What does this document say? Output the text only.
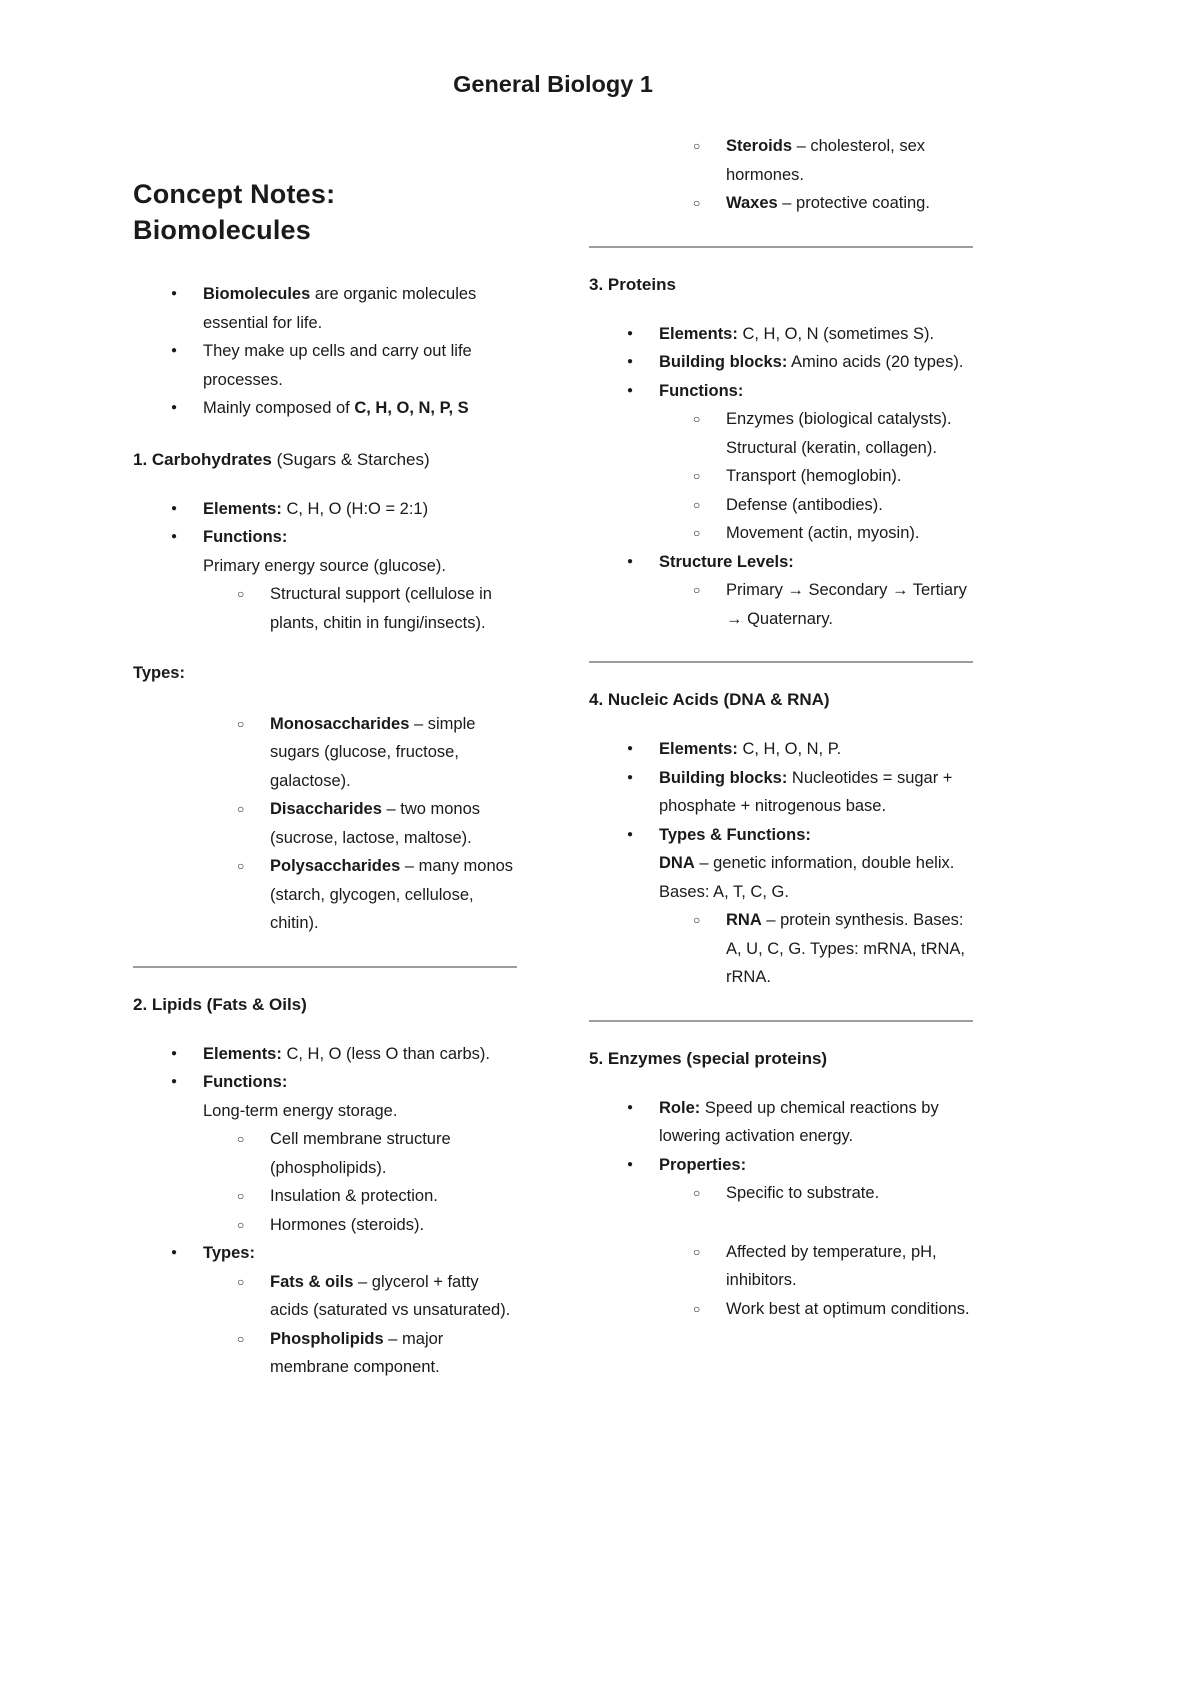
General Biology 1
Concept Notes: Biomolecules
● Biomolecules are organic molecules essential for life.
● They make up cells and carry out life processes.
● Mainly composed of C, H, O, N, P, S
1. Carbohydrates (Sugars & Starches)
● Elements: C, H, O (H:O = 2:1)
● Functions:
Primary energy source (glucose).
○ Structural support (cellulose in plants, chitin in fungi/insects).
Types:
○ Monosaccharides – simple sugars (glucose, fructose, galactose).
○ Disaccharides – two monos (sucrose, lactose, maltose).
○ Polysaccharides – many monos (starch, glycogen, cellulose, chitin).
2. Lipids (Fats & Oils)
● Elements: C, H, O (less O than carbs).
● Functions:
Long-term energy storage.
○ Cell membrane structure (phospholipids).
○ Insulation & protection.
○ Hormones (steroids).
● Types:
○ Fats & oils – glycerol + fatty acids (saturated vs unsaturated).
○ Phospholipids – major membrane component.
○ Steroids – cholesterol, sex hormones.
○ Waxes – protective coating.
3. Proteins
● Elements: C, H, O, N (sometimes S).
● Building blocks: Amino acids (20 types).
● Functions:
○ Enzymes (biological catalysts). Structural (keratin, collagen).
○ Transport (hemoglobin).
○ Defense (antibodies).
○ Movement (actin, myosin).
● Structure Levels:
○ Primary → Secondary → Tertiary → Quaternary.
4. Nucleic Acids (DNA & RNA)
● Elements: C, H, O, N, P.
● Building blocks: Nucleotides = sugar + phosphate + nitrogenous base.
● Types & Functions:
DNA – genetic information, double helix. Bases: A, T, C, G.
○ RNA – protein synthesis. Bases: A, U, C, G. Types: mRNA, tRNA, rRNA.
5. Enzymes (special proteins)
● Role: Speed up chemical reactions by lowering activation energy.
● Properties:
○ Specific to substrate.
○ Affected by temperature, pH, inhibitors.
○ Work best at optimum conditions.
